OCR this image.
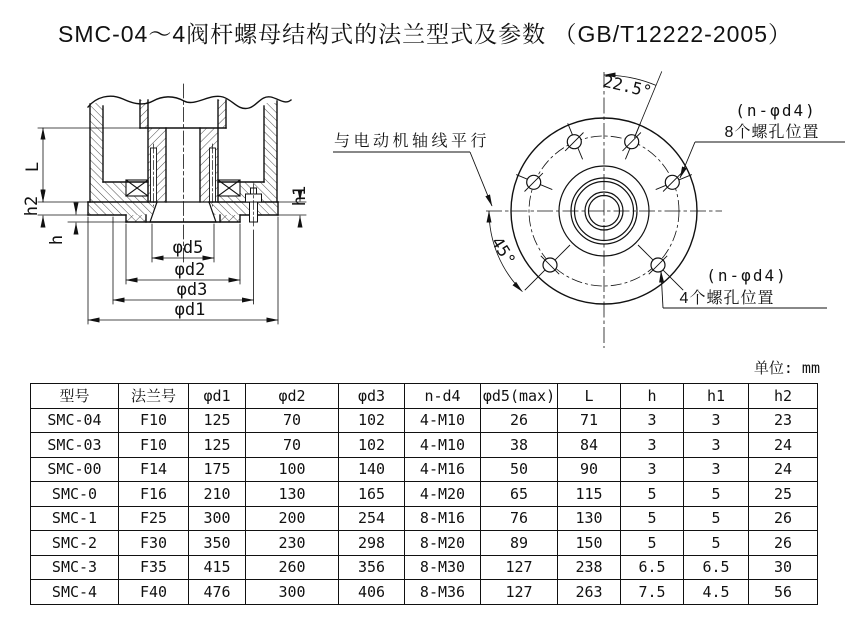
SMC-04～4阀杆螺母结构式的法兰型式及参数 （GB/T12222-2005）
L
h2
h
h1
φd5
φd2
φd3
φd1
22.5°
45°
与电动机轴线平行
(n-φd4)
8个螺孔位置
(n-φd4)
4个螺孔位置
单位: mm
型号	法兰号	φd1	φd2	φd3	n-d4	φd5(max)	L	h	h1	h2
SMC-04	F10	125	70	102	4-M10	26	71	3	3	23
SMC-03	F10	125	70	102	4-M10	38	84	3	3	24
SMC-00	F14	175	100	140	4-M16	50	90	3	3	24
SMC-0	F16	210	130	165	4-M20	65	115	5	5	25
SMC-1	F25	300	200	254	8-M16	76	130	5	5	26
SMC-2	F30	350	230	298	8-M20	89	150	5	5	26
SMC-3	F35	415	260	356	8-M30	127	238	6.5	6.5	30
SMC-4	F40	476	300	406	8-M36	127	263	7.5	4.5	56
